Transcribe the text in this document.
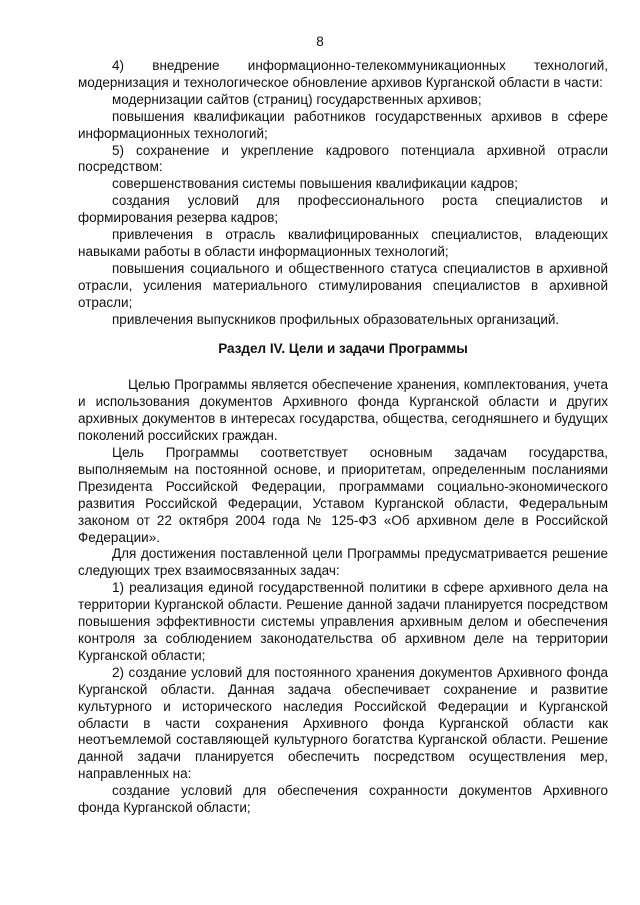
8

4) внедрение информационно-телекоммуникационных технологий, модернизация и технологическое обновление архивов Курганской области в части:

модернизации сайтов (страниц) государственных архивов;

повышения квалификации работников государственных архивов в сфере информационных технологий;

5) сохранение и укрепление кадрового потенциала архивной отрасли посредством:

совершенствования системы повышения квалификации кадров;

создания условий для профессионального роста специалистов и формирования резерва кадров;

привлечения в отрасль квалифицированных специалистов, владеющих навыками работы в области информационных технологий;

повышения социального и общественного статуса специалистов в архивной отрасли, усиления материального стимулирования специалистов в архивной отрасли;

привлечения выпускников профильных образовательных организаций.

Раздел IV. Цели и задачи Программы

Целью Программы является обеспечение хранения, комплектования, учета и использования документов Архивного фонда Курганской области и других архивных документов в интересах государства, общества, сегодняшнего и будущих поколений российских граждан.

Цель Программы соответствует основным задачам государства, выполняемым на постоянной основе, и приоритетам, определенным посланиями Президента Российской Федерации, программами социально-экономического развития Российской Федерации, Уставом Курганской области, Федеральным законом от 22 октября 2004 года № 125-ФЗ «Об архивном деле в Российской Федерации».

Для достижения поставленной цели Программы предусматривается решение следующих трех взаимосвязанных задач:

1) реализация единой государственной политики в сфере архивного дела на территории Курганской области. Решение данной задачи планируется посредством повышения эффективности системы управления архивным делом и обеспечения контроля за соблюдением законодательства об архивном деле на территории Курганской области;

2) создание условий для постоянного хранения документов Архивного фонда Курганской области. Данная задача обеспечивает сохранение и развитие культурного и исторического наследия Российской Федерации и Курганской области в части сохранения Архивного фонда Курганской области как неотъемлемой составляющей культурного богатства Курганской области. Решение данной задачи планируется обеспечить посредством осуществления мер, направленных на:

создание условий для обеспечения сохранности документов Архивного фонда Курганской области;
